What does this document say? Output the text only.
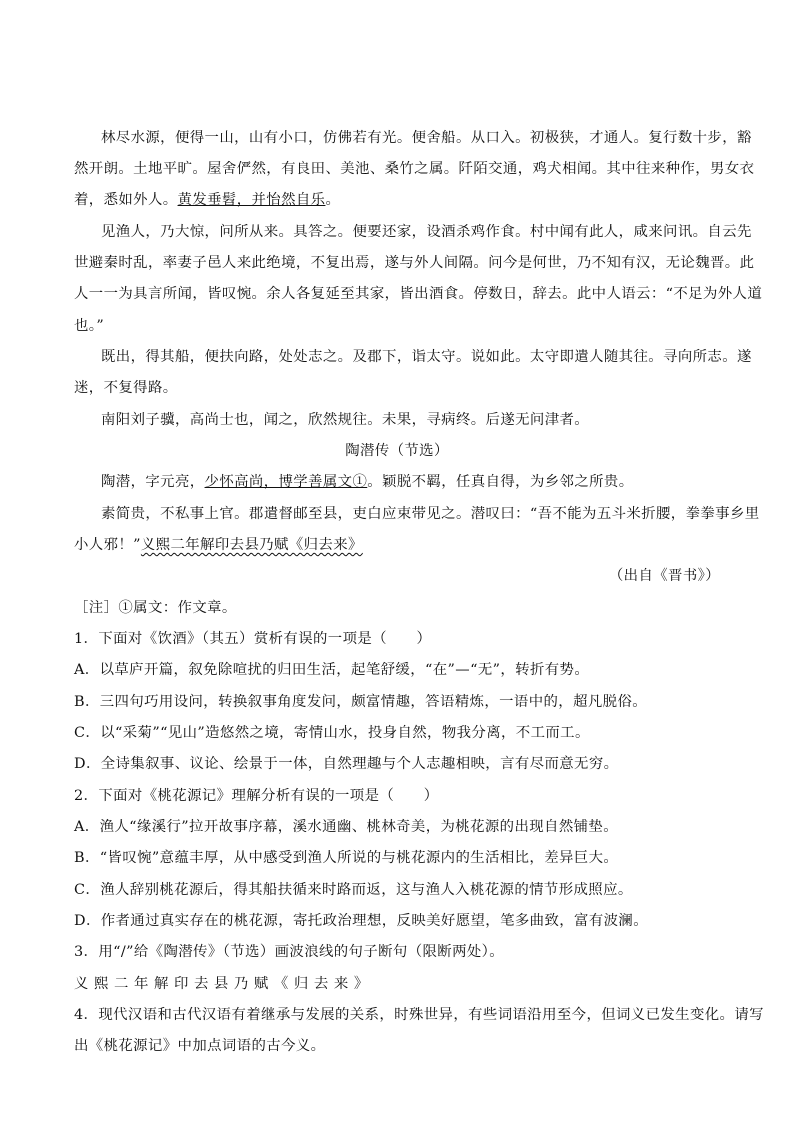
林尽水源，便得一山，山有小口，仿佛若有光。便舍船。从口入。初极狭，才通人。复行数十步，豁
然开朗。土地平旷。屋舍俨然，有良田、美池、桑竹之属。阡陌交通，鸡犬相闻。其中往来种作，男女衣
着，悉如外人。黄发垂髫，并怡然自乐。
见渔人，乃大惊，问所从来。具答之。便要还家，设酒杀鸡作食。村中闻有此人，咸来问讯。自云先
世避秦时乱，率妻子邑人来此绝境，不复出焉，遂与外人间隔。问今是何世，乃不知有汉，无论魏晋。此
人一一为具言所闻，皆叹惋。余人各复延至其家，皆出酒食。停数日，辞去。此中人语云：“不足为外人道
也。”
既出，得其船，便扶向路，处处志之。及郡下，诣太守。说如此。太守即遣人随其往。寻向所志。遂
迷，不复得路。
南阳刘子骥，高尚士也，闻之，欣然规往。未果，寻病终。后遂无问津者。
陶潜传（节选）
陶潜，字元亮，少怀高尚，博学善属文①。颖脱不羁，任真自得，为乡邻之所贵。
素简贵，不私事上官。郡遣督邮至县，吏白应束带见之。潜叹曰：“吾不能为五斗米折腰，拳拳事乡里
小人邪！”义熙二年解印去县乃赋《归去来》
（出自《晋书》）
［注］①属文：作文章。
1．下面对《饮酒》（其五）赏析有误的一项是（　　）
A．以草庐开篇，叙免除喧扰的归田生活，起笔舒缓，“在”—“无”，转折有势。
B．三四句巧用设问，转换叙事角度发问，颇富情趣，答语精炼，一语中的，超凡脱俗。
C．以“采菊”“见山”造悠然之境，寄情山水，投身自然，物我分离，不工而工。
D．全诗集叙事、议论、绘景于一体，自然理趣与个人志趣相映，言有尽而意无穷。
2．下面对《桃花源记》理解分析有误的一项是（　　）
A．渔人“缘溪行”拉开故事序幕，溪水通幽、桃林奇美，为桃花源的出现自然铺垫。
B．“皆叹惋”意蕴丰厚，从中感受到渔人所说的与桃花源内的生活相比，差异巨大。
C．渔人辞别桃花源后，得其船扶循来时路而返，这与渔人入桃花源的情节形成照应。
D．作者通过真实存在的桃花源，寄托政治理想，反映美好愿望，笔多曲致，富有波澜。
3．用“/”给《陶潜传》（节选）画波浪线的句子断句（限断两处）。
义熙二年解印去县乃赋《归去来》
4．现代汉语和古代汉语有着继承与发展的关系，时殊世异，有些词语沿用至今，但词义已发生变化。请写
出《桃花源记》中加点词语的古今义。
